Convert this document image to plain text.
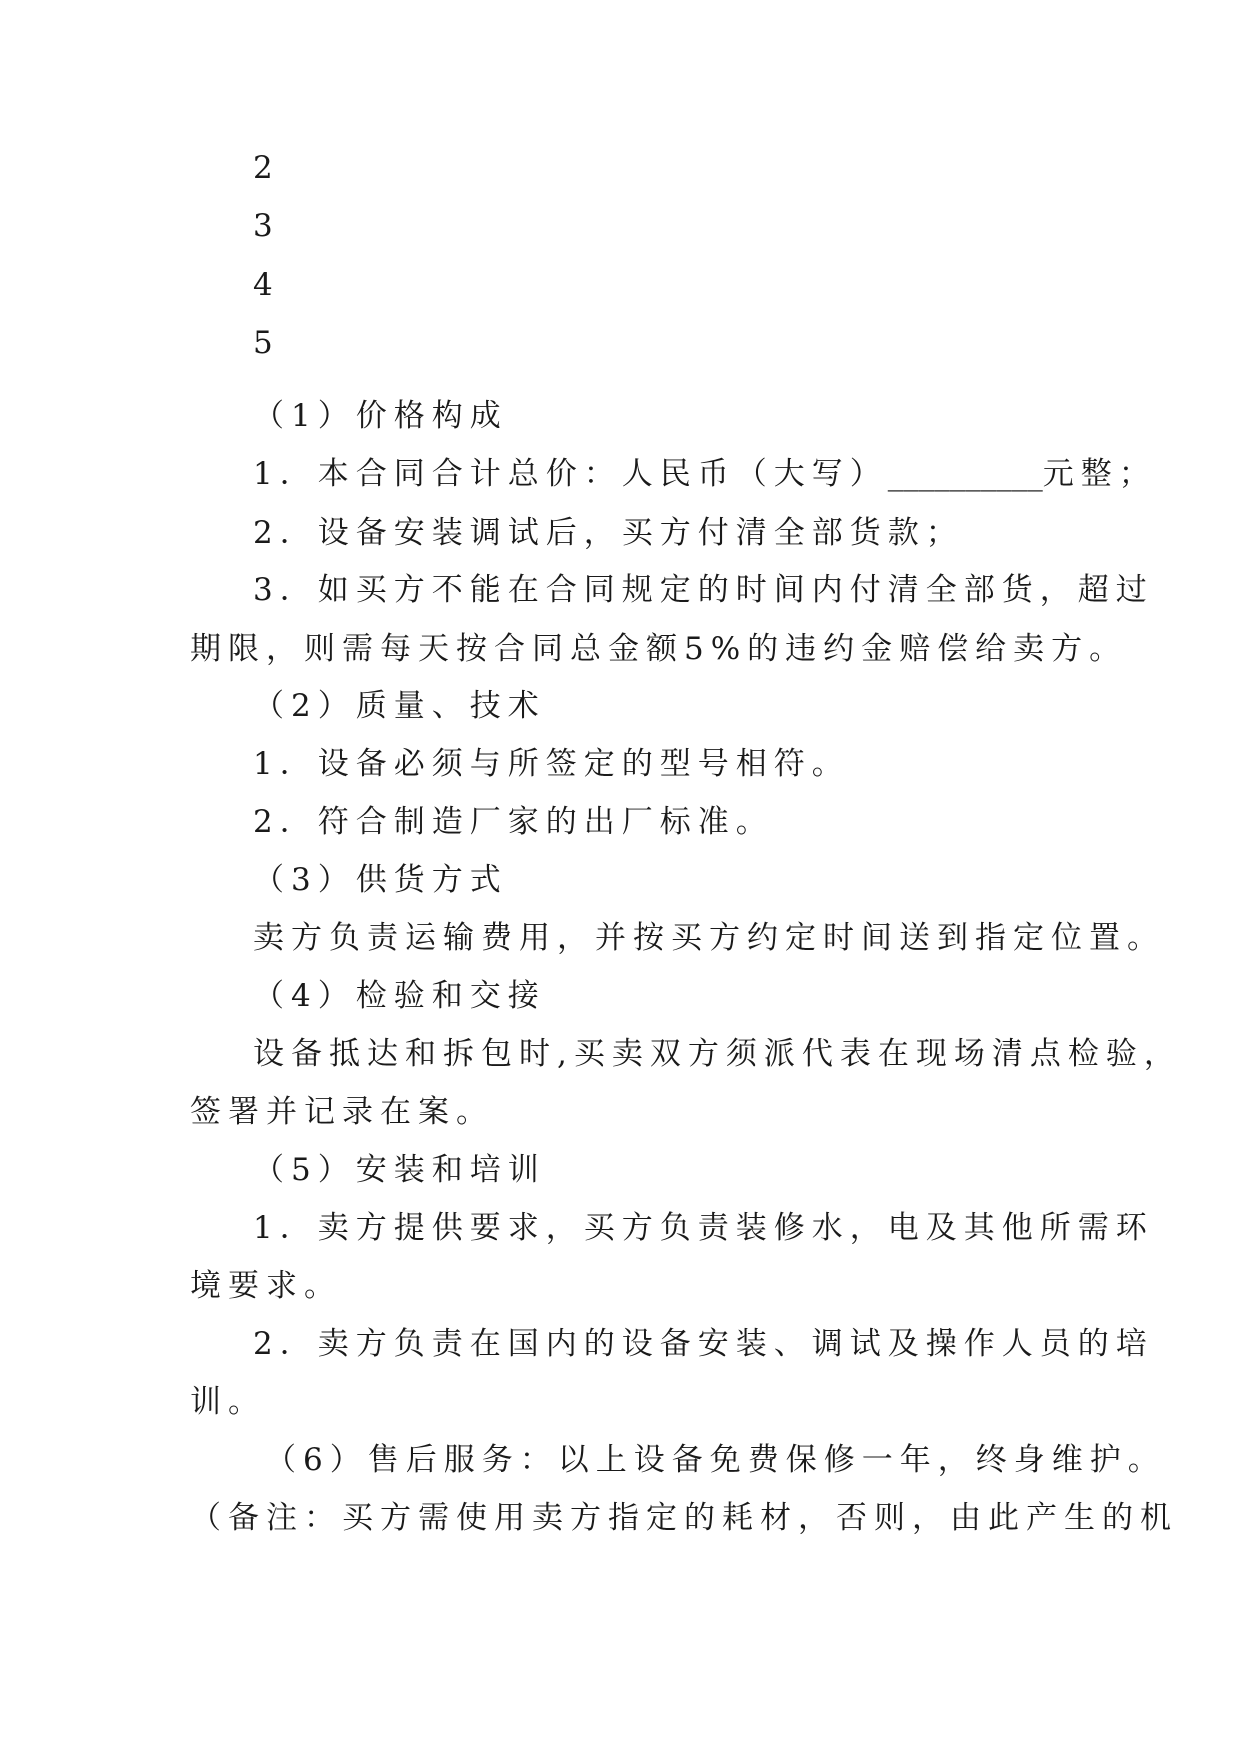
2
3
4
5
（1）价格构成
1．本合同合计总价：人民币（大写）__________元整；
2．设备安装调试后，买方付清全部货款；
3．如买方不能在合同规定的时间内付清全部货，超过
期限，则需每天按合同总金额5%的违约金赔偿给卖方。
（2）质量、技术
1．设备必须与所签定的型号相符。
2．符合制造厂家的出厂标准。
（3）供货方式
卖方负责运输费用，并按买方约定时间送到指定位置。
（4）检验和交接
设备抵达和拆包时,买卖双方须派代表在现场清点检验，
签署并记录在案。
（5）安装和培训
1．卖方提供要求，买方负责装修水，电及其他所需环
境要求。
2．卖方负责在国内的设备安装、调试及操作人员的培
训。
（6）售后服务：以上设备免费保修一年，终身维护。
（备注：买方需使用卖方指定的耗材，否则，由此产生的机
